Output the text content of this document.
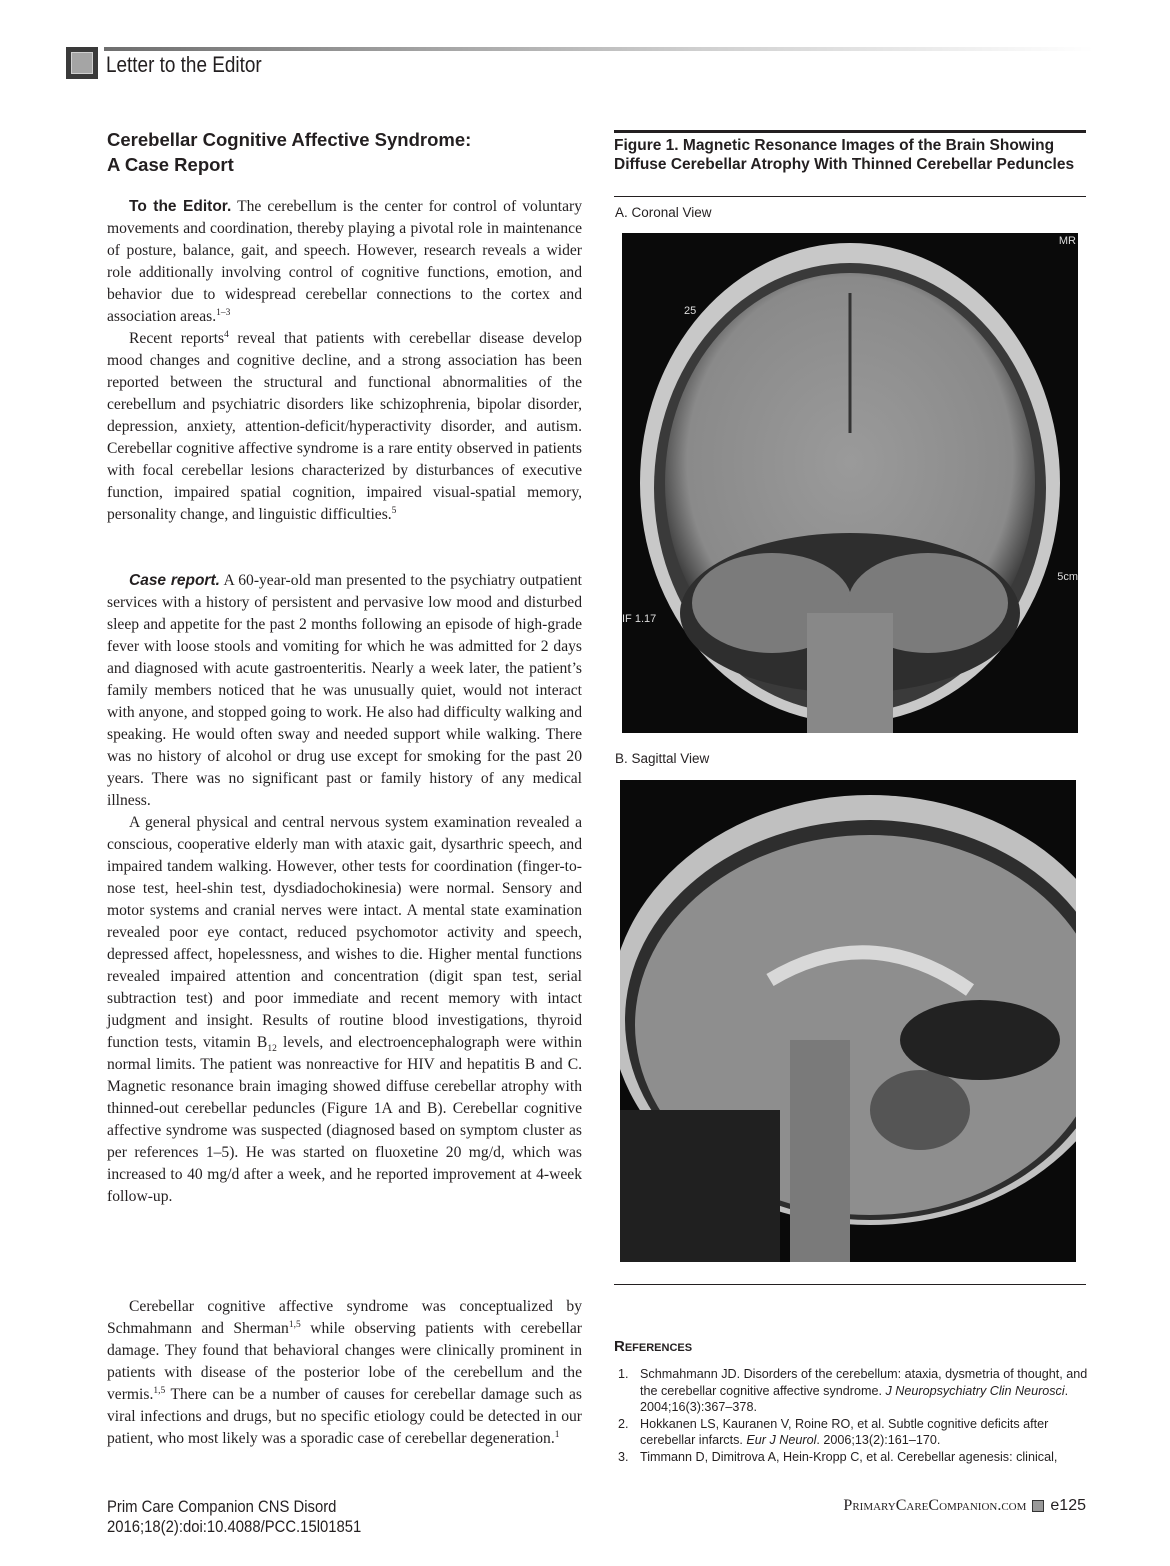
Letter to the Editor
Cerebellar Cognitive Affective Syndrome:
A Case Report

To the Editor. The cerebellum is the center for control of voluntary movements and coordination, thereby playing a pivotal role in maintenance of posture, balance, gait, and speech. However, research reveals a wider role additionally involving control of cognitive functions, emotion, and behavior due to widespread cerebellar connections to the cortex and association areas.$^{1-3}$

Recent reports$^4$ reveal that patients with cerebellar disease develop mood changes and cognitive decline, and a strong association has been reported between the structural and functional abnormalities of the cerebellum and psychiatric disorders like schizophrenia, bipolar disorder, depression, anxiety, attention-deficit/hyperactivity disorder, and autism. Cerebellar cognitive affective syndrome is a rare entity observed in patients with focal cerebellar lesions characterized by disturbances of executive function, impaired spatial cognition, impaired visual-spatial memory, personality change, and linguistic difficulties.$^5$

Case report. A 60-year-old man presented to the psychiatry outpatient services with a history of persistent and pervasive low mood and disturbed sleep and appetite for the past 2 months following an episode of high-grade fever with loose stools and vomiting for which he was admitted for 2 days and diagnosed with acute gastroenteritis. Nearly a week later, the patient’s family members noticed that he was unusually quiet, would not interact with anyone, and stopped going to work. He also had difficulty walking and speaking. He would often sway and needed support while walking. There was no history of alcohol or drug use except for smoking for the past 20 years. There was no significant past or family history of any medical illness.

A general physical and central nervous system examination revealed a conscious, cooperative elderly man with ataxic gait, dysarthric speech, and impaired tandem walking. However, other tests for coordination (finger-to-nose test, heel-shin test, dysdiadochokinesia) were normal. Sensory and motor systems and cranial nerves were intact. A mental state examination revealed poor eye contact, reduced psychomotor activity and speech, depressed affect, hopelessness, and wishes to die. Higher mental functions revealed impaired attention and concentration (digit span test, serial subtraction test) and poor immediate and recent memory with intact judgment and insight. Results of routine blood investigations, thyroid function tests, vitamin $B_{12}$ levels, and electroencephalograph were within normal limits. The patient was nonreactive for HIV and hepatitis B and C. Magnetic resonance brain imaging showed diffuse cerebellar atrophy with thinned-out cerebellar peduncles (Figure 1A and B). Cerebellar cognitive affective syndrome was suspected (diagnosed based on symptom cluster as per references 1–5). He was started on fluoxetine 20 mg/d, which was increased to 40 mg/d after a week, and he reported improvement at 4-week follow-up.

Cerebellar cognitive affective syndrome was conceptualized by Schmahmann and Sherman$^{1,5}$ while observing patients with cerebellar damage. They found that behavioral changes were clinically prominent in patients with disease of the posterior lobe of the cerebellum and the vermis.$^{1,5}$ There can be a number of causes for cerebellar damage such as viral infections and drugs, but no specific etiology could be detected in our patient, who most likely was a sporadic case of cerebellar degeneration.$^1$

Figure 1. Magnetic Resonance Images of the Brain Showing Diffuse Cerebellar Atrophy With Thinned Cerebellar Peduncles
A. Coronal View
MR
25
5cm
IF 1.17
B. Sagittal View
References
1. Schmahmann JD. Disorders of the cerebellum: ataxia, dysmetria of thought, and the cerebellar cognitive affective syndrome. J Neuropsychiatry Clin Neurosci. 2004;16(3):367–378.
2. Hokkanen LS, Kauranen V, Roine RO, et al. Subtle cognitive deficits after cerebellar infarcts. Eur J Neurol. 2006;13(2):161–170.
3. Timmann D, Dimitrova A, Hein-Kropp C, et al. Cerebellar agenesis: clinical,
Prim Care Companion CNS Disord
2016;18(2):doi:10.4088/PCC.15l01851
PrimaryCareCompanion.com e125
